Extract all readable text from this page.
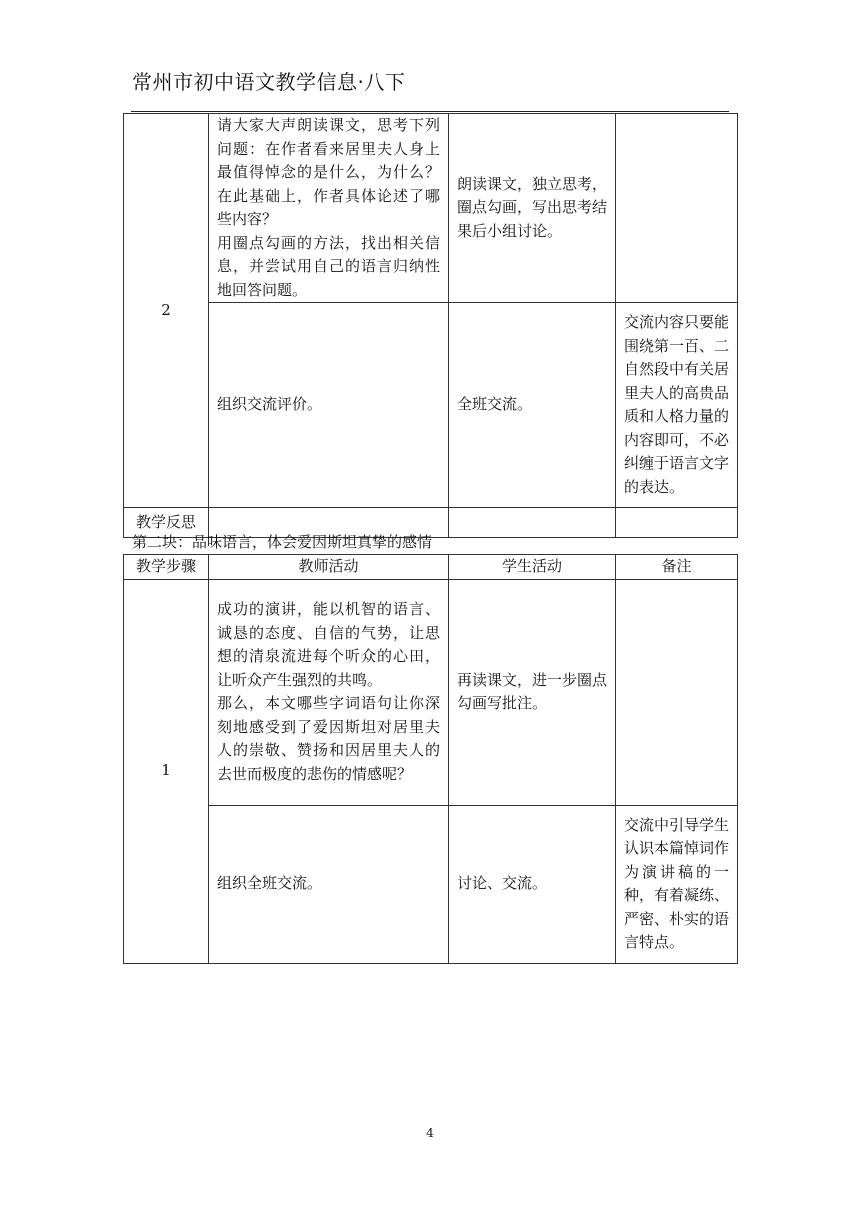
常州市初中语文教学信息·八下
2	请大家大声朗读课文，思考下列问题：在作者看来居里夫人身上最值得悼念的是什么，为什么？在此基础上，作者具体论述了哪些内容？
用圈点勾画的方法，找出相关信息，并尝试用自己的语言归纳性地回答问题。	朗读课文，独立思考，圈点勾画，写出思考结果后小组讨论。	
	组织交流评价。	全班交流。	交流内容只要能围绕第一百、二自然段中有关居里夫人的高贵品质和人格力量的内容即可，不必纠缠于语言文字的表达。
教学反思			
第二块：品味语言，体会爱因斯坦真挚的感情
教学步骤	教师活动	学生活动	备注
1	成功的演讲，能以机智的语言、诚恳的态度、自信的气势，让思想的清泉流进每个听众的心田，让听众产生强烈的共鸣。
那么，本文哪些字词语句让你深刻地感受到了爱因斯坦对居里夫人的崇敬、赞扬和因居里夫人的去世而极度的悲伤的情感呢？	再读课文，进一步圈点勾画写批注。	
	组织全班交流。	讨论、交流。	交流中引导学生认识本篇悼词作为演讲稿的一种，有着凝练、严密、朴实的语言特点。
4
